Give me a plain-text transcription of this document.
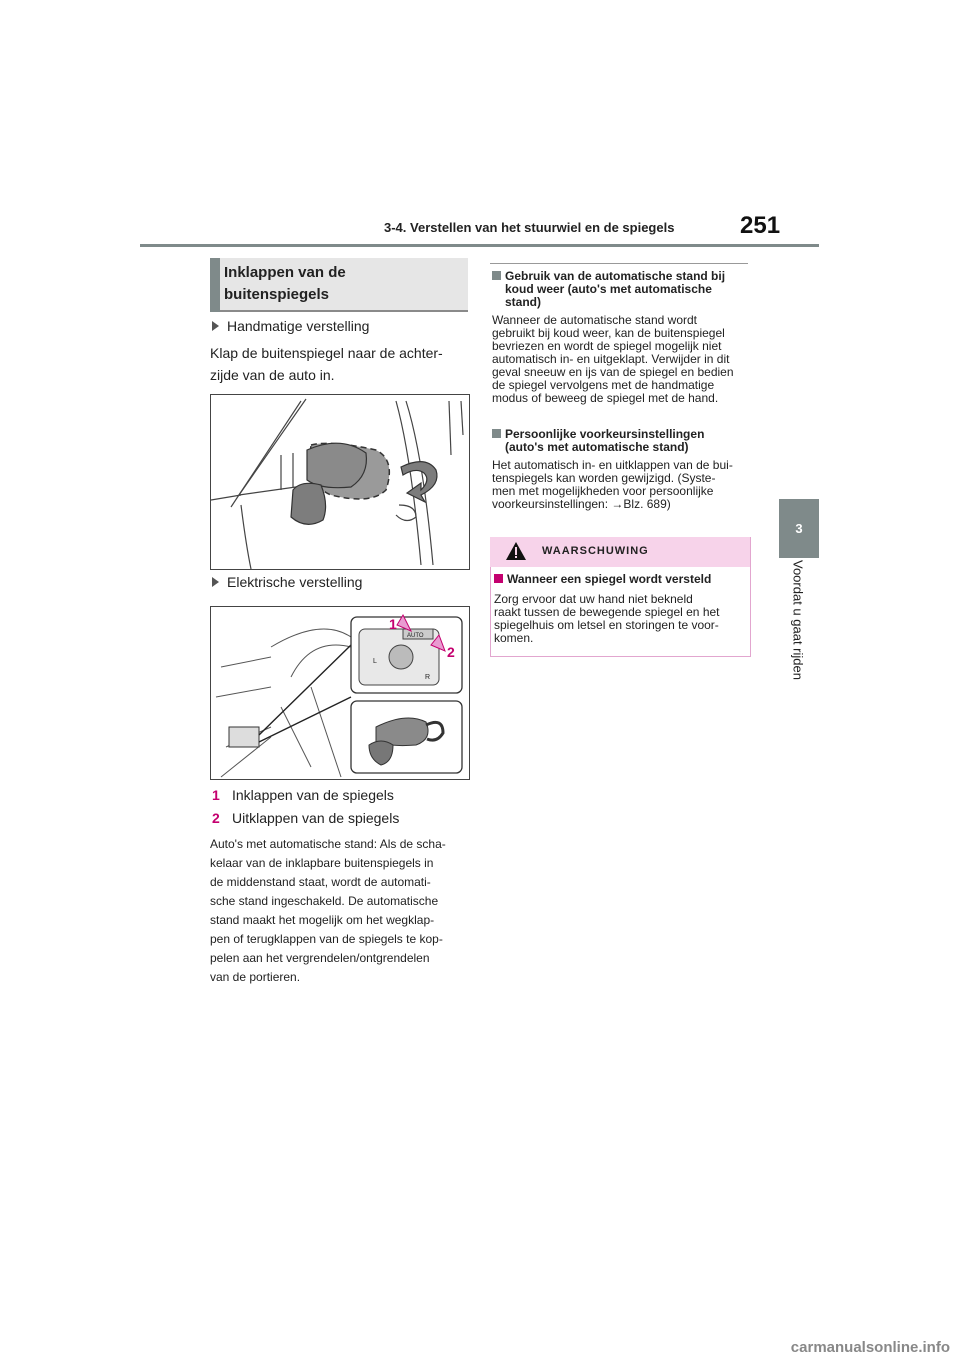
3-4. Verstellen van het stuurwiel en de spiegels	251
3
Voordat u gaat rijden
Inklappen van de
buitenspiegels
Handmatige verstelling
Klap de buitenspiegel naar de achter-
zijde van de auto in.
Elektrische verstelling
L
R
AUTO
1
2
1 Inklappen van de spiegels
2 Uitklappen van de spiegels
Auto's met automatische stand: Als de scha-
kelaar van de inklapbare buitenspiegels in
de middenstand staat, wordt de automati-
sche stand ingeschakeld. De automatische
stand maakt het mogelijk om het wegklap-
pen of terugklappen van de spiegels te kop-
pelen aan het vergrendelen/ontgrendelen
van de portieren.
Gebruik van de automatische stand bij
koud weer (auto's met automatische
stand)
Wanneer de automatische stand wordt
gebruikt bij koud weer, kan de buitenspiegel
bevriezen en wordt de spiegel mogelijk niet
automatisch in- en uitgeklapt. Verwijder in dit
geval sneeuw en ijs van de spiegel en bedien
de spiegel vervolgens met de handmatige
modus of beweeg de spiegel met de hand.
Persoonlijke voorkeursinstellingen
(auto's met automatische stand)
Het automatisch in- en uitklappen van de bui-
tenspiegels kan worden gewijzigd. (Syste-
men met mogelijkheden voor persoonlijke
voorkeursinstellingen: →Blz. 689)
WAARSCHUWING
Wanneer een spiegel wordt versteld
Zorg ervoor dat uw hand niet bekneld
raakt tussen de bewegende spiegel en het
spiegelhuis om letsel en storingen te voor-
komen.
carmanualsonline.info
